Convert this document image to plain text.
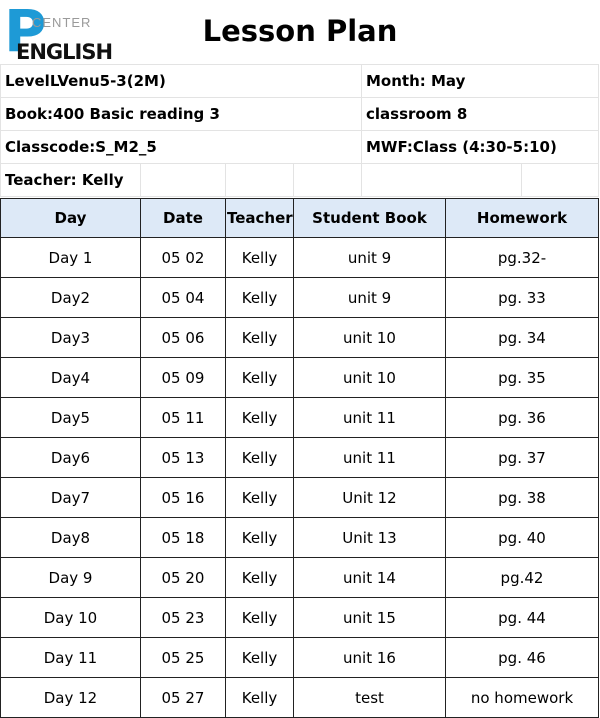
P
CENTER
ENGLISH
Lesson Plan
LevelLVenu5-3(2M)				Month: May	
Book:400 Basic reading 3				classroom 8	
Classcode:S_M2_5				MWF:Class (4:30-5:10)	
Teacher: Kelly					
Day	Date	Teacher	Student Book	Homework
Day 1	05 02	Kelly	unit 9	pg.32-
Day2	05 04	Kelly	unit 9	pg. 33
Day3	05 06	Kelly	unit 10	pg. 34
Day4	05 09	Kelly	unit 10	pg. 35
Day5	05 11	Kelly	unit 11	pg. 36
Day6	05 13	Kelly	unit 11	pg. 37
Day7	05 16	Kelly	Unit 12	pg. 38
Day8	05 18	Kelly	Unit 13	pg. 40
Day 9	05 20	Kelly	unit 14	pg.42
Day 10	05 23	Kelly	unit 15	pg. 44
Day 11	05 25	Kelly	unit 16	pg. 46
Day 12	05 27	Kelly	test	no homework
